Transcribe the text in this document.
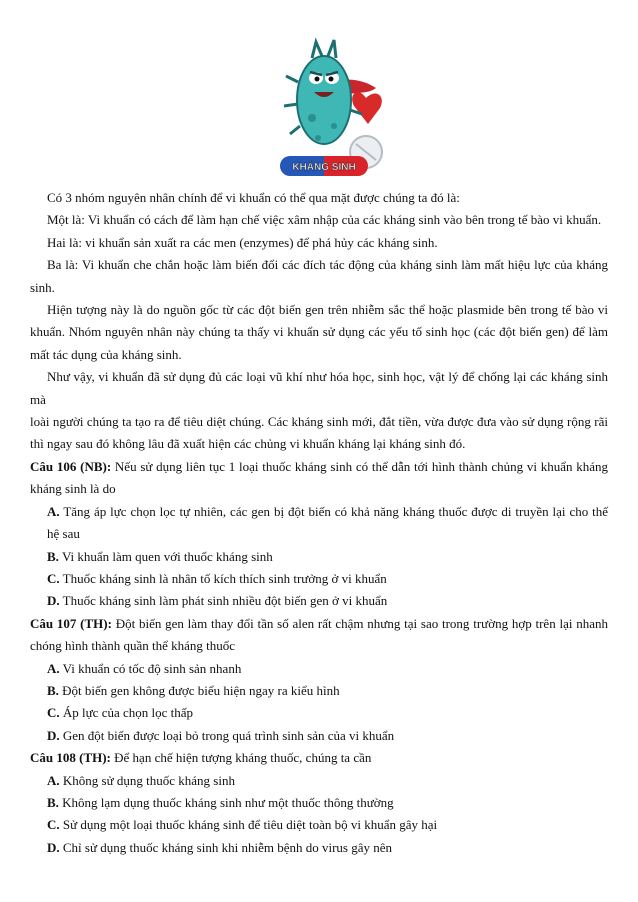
KHÁNG SINH

Có 3 nhóm nguyên nhân chính để vi khuẩn có thể qua mặt được chúng ta đó là:

Một là: Vi khuẩn có cách để làm hạn chế việc xâm nhập của các kháng sinh vào bên trong tế bào vi khuẩn.

Hai là: vi khuẩn sản xuất ra các men (enzymes) để phá hủy các kháng sinh.

Ba là: Vi khuẩn che chắn hoặc làm biến đổi các đích tác động của kháng sinh làm mất hiệu lực của kháng sinh.

Hiện tượng này là do nguồn gốc từ các đột biến gen trên nhiễm sắc thể hoặc plasmide bên trong tế bào vi khuẩn. Nhóm nguyên nhân này chúng ta thấy vi khuẩn sử dụng các yếu tố sinh học (các đột biến gen) để làm mất tác dụng của kháng sinh.

Như vậy, vi khuẩn đã sử dụng đủ các loại vũ khí như hóa học, sinh học, vật lý để chống lại các kháng sinh mà

loài người chúng ta tạo ra để tiêu diệt chúng. Các kháng sinh mới, đắt tiền, vừa được đưa vào sử dụng rộng rãi thì ngay sau đó không lâu đã xuất hiện các chủng vi khuẩn kháng lại kháng sinh đó.

Câu 106 (NB): Nếu sử dụng liên tục 1 loại thuốc kháng sinh có thể dẫn tới hình thành chủng vi khuẩn kháng kháng sinh là do

A. Tăng áp lực chọn lọc tự nhiên, các gen bị đột biến có khả năng kháng thuốc được di truyền lại cho thế hệ sau

B. Vi khuẩn làm quen với thuốc kháng sinh

C. Thuốc kháng sinh là nhân tố kích thích sinh trưởng ở vi khuẩn

D. Thuốc kháng sinh làm phát sinh nhiều đột biến gen ở vi khuẩn

Câu 107 (TH): Đột biến gen làm thay đổi tần số alen rất chậm nhưng tại sao trong trường hợp trên lại nhanh chóng hình thành quần thể kháng thuốc

A. Vi khuẩn có tốc độ sinh sản nhanh

B. Đột biến gen không được biểu hiện ngay ra kiểu hình

C. Áp lực của chọn lọc thấp

D. Gen đột biến được loại bỏ trong quá trình sinh sản của vi khuẩn

Câu 108 (TH): Để hạn chế hiện tượng kháng thuốc, chúng ta cần

A. Không sử dụng thuốc kháng sinh

B. Không lạm dụng thuốc kháng sinh như một thuốc thông thường

C. Sử dụng một loại thuốc kháng sinh để tiêu diệt toàn bộ vi khuẩn gây hại

D. Chỉ sử dụng thuốc kháng sinh khi nhiễm bệnh do virus gây nên
